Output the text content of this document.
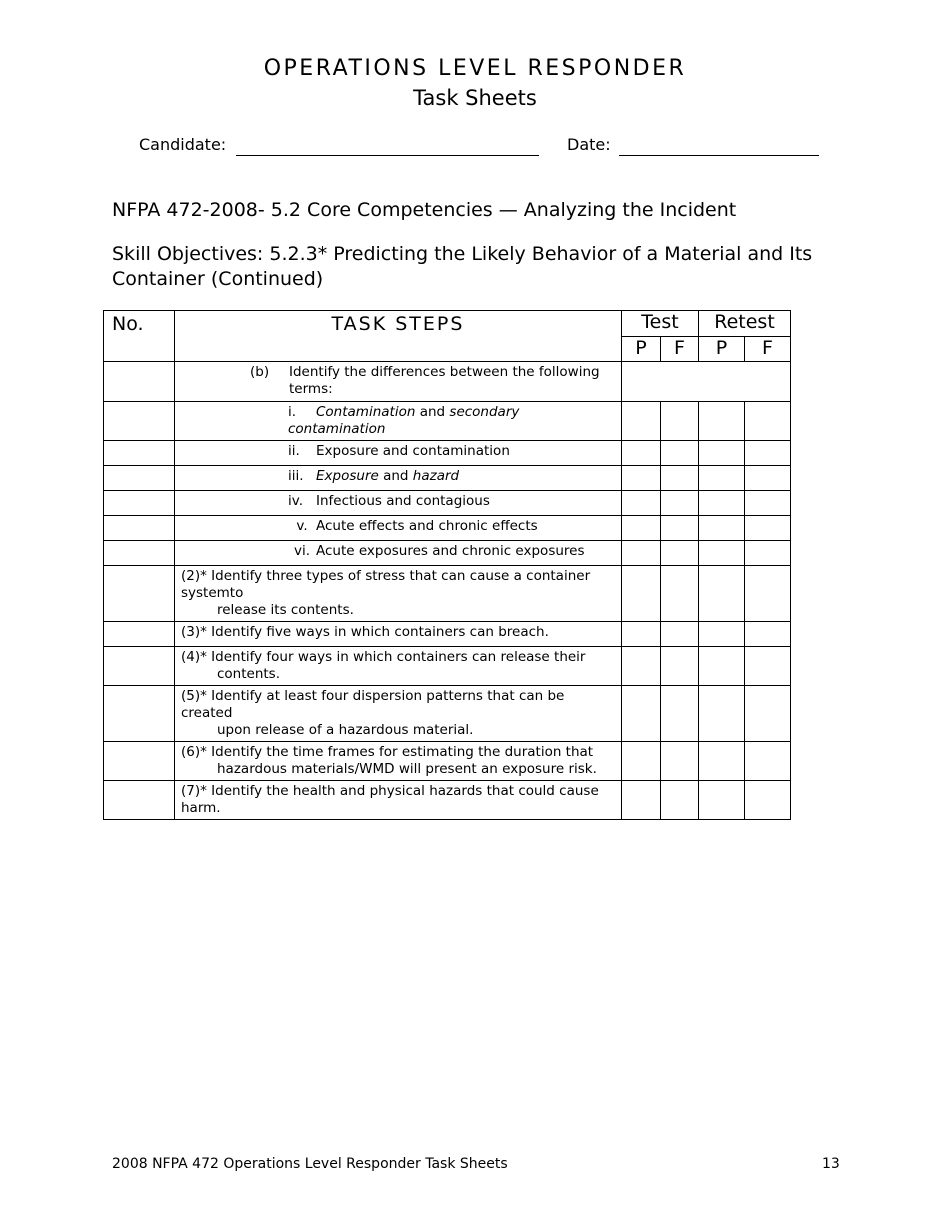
OPERATIONS LEVEL RESPONDER
Task Sheets
Candidate:	Date:
NFPA 472-2008- 5.2 Core Competencies — Analyzing the Incident
Skill Objectives: 5.2.3* Predicting the Likely Behavior of a Material and Its Container (Continued)
No.	TASK STEPS	Test		Retest	
		P	F	P	F
	(b) Identify the differences between the following
terms:				
	i. Contamination and secondary contamination				
	ii. Exposure and contamination				
	iii. Exposure and hazard				
	iv. Infectious and contagious				
	v. Acute effects and chronic effects				
	vi. Acute exposures and chronic exposures				
	(2)* Identify three types of stress that can cause a container systemto
release its contents.				

	(3)* Identify five ways in which containers can breach.				
	(4)* Identify four ways in which containers can release their
contents.				

	(5)* Identify at least four dispersion patterns that can be created
upon release of a hazardous material.				

	(6)* Identify the time frames for estimating the duration that
hazardous materials/WMD will present an exposure risk.				

	(7)* Identify the health and physical hazards that could cause harm.				
2008 NFPA 472 Operations Level Responder Task Sheets	13
